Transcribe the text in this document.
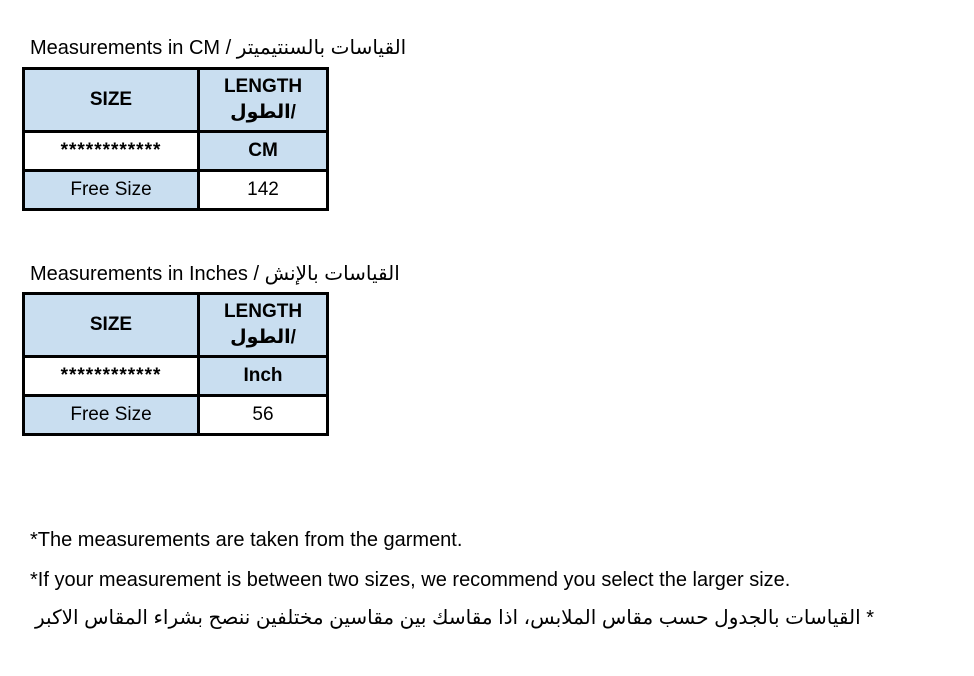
Measurements in CM / القياسات بالسنتيميتر
SIZE	LENGTH
الطول/

************	CM
Free Size	142
Measurements in Inches / القياسات بالإنش
SIZE	LENGTH
الطول/

************	Inch
Free Size	56
*The measurements are taken from the garment.
*If your measurement is between two sizes, we recommend you select the larger size.
* القياسات بالجدول حسب مقاس الملابس، اذا مقاسك بين مقاسين مختلفين ننصح بشراء المقاس الاكبر
